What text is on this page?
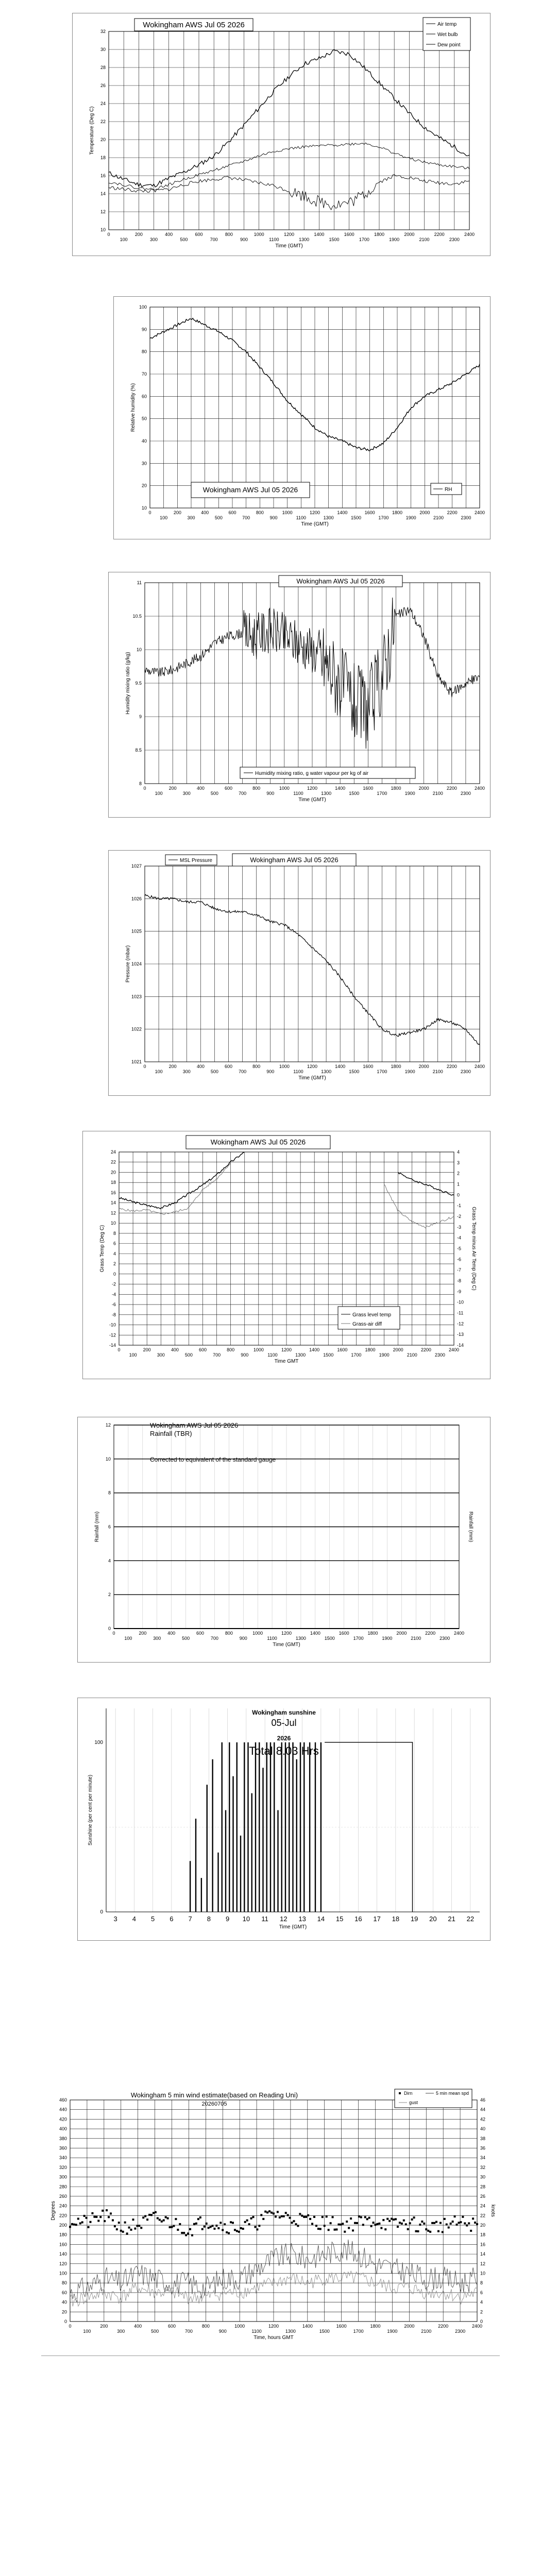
10
12
14
16
18
20
22
24
26
28
30
32
0
100
200
300
400
500
600
700
800
900
1000
1100
1200
1300
1400
1500
1600
1700
1800
1900
2000
2100
2200
2300
2400
Time (GMT)
Temperature (Deg C)
Wokingham AWS Jul 05 2026	Air temp
Wet bulb
Dew point
10
20
30
40
50
60
70
80
90
100
0
100
200
300
400
500
600
700
800
900
1000
1100
1200
1300
1400
1500
1600
1700
1800
1900
2000
2100
2200
2300
2400
Time (GMT)
Relative humidity (%)
Wokingham AWS Jul 05 2026	RH
8
8.5
9
9.5
10
10.5
11
0
100
200
300
400
500
600
700
800
900
1000
1100
1200
1300
1400
1500
1600
1700
1800
1900
2000
2100
2200
2300
2400
Time (GMT)
Humidity mixing ratio (g/kg)
Wokingham AWS Jul 05 2026
Humidity mixing ratio, g water vapour per kg of air
1021
1022
1023
1024
1025
1026
1027
0
100
200
300
400
500
600
700
800
900
1000
1100
1200
1300
1400
1500
1600
1700
1800
1900
2000
2100
2200
2300
2400
Time (GMT)
Pressure (mbar)
MSL Pressure	Wokingham AWS Jul 05 2026
-14
-12
-10
-8
-6
-4
-2
0
2
4
6
8
10
12
14
16
18
20
22
24
0
100
200
300
400
500
600
700
800
900
1000
1100
1200
1300
1400
1500
1600
1700
1800
1900
2000
2100
2200
2300
2400
Time GMT
Grass Temp (Deg C)
-14
-13
-12
-11
-10
-9
-8
-7
-6
-5
-4
-3
-2
-1
0
1
2
3
4
Grass Temp minus Air Temp (Deg C)
Wokingham AWS Jul 05 2026
Grass level temp
Grass-air diff
0
2
4
6
8
10
12
0
100
200
300
400
500
600
700
800
900
1000
1100
1200
1300
1400
1500
1600
1700
1800
1900
2000
2100
2200
2300
2400
Time (GMT)
Rainfall (mm)	Rainfall (mm)
Wokingham AWS Jul 05 2026
Rainfall (TBR)
Corrected to equivalent of the standard gauge
3 4 5 6 7 8 9 10 11 12 13 14 15 16 17 18 19 20 21 22
0
100
Time (GMT)
Sunshine (per cent per minute)
Wokingham sunshine
05-Jul
2026
Total 8.03 Hrs
0
20
40
60
80
100
120
140
160
180
200
220
240
260
280
300
320
340
360
380
400
420
440
460
0
100
200
300
400
500
600
700
800
900
1000
1100
1200
1300
1400
1500
1600
1700
1800
1900
2000
2100
2200
2300
2400
Time, hours GMT
Degrees
0
2
4
6
8
10
12
14
16
18
20
22
24
26
28
30
32
34
36
38
40
42
44
46
knots
Wokingham 5 min wind estimate(based on Reading Uni)
20260705
Dirn	5 min mean spd
gust
